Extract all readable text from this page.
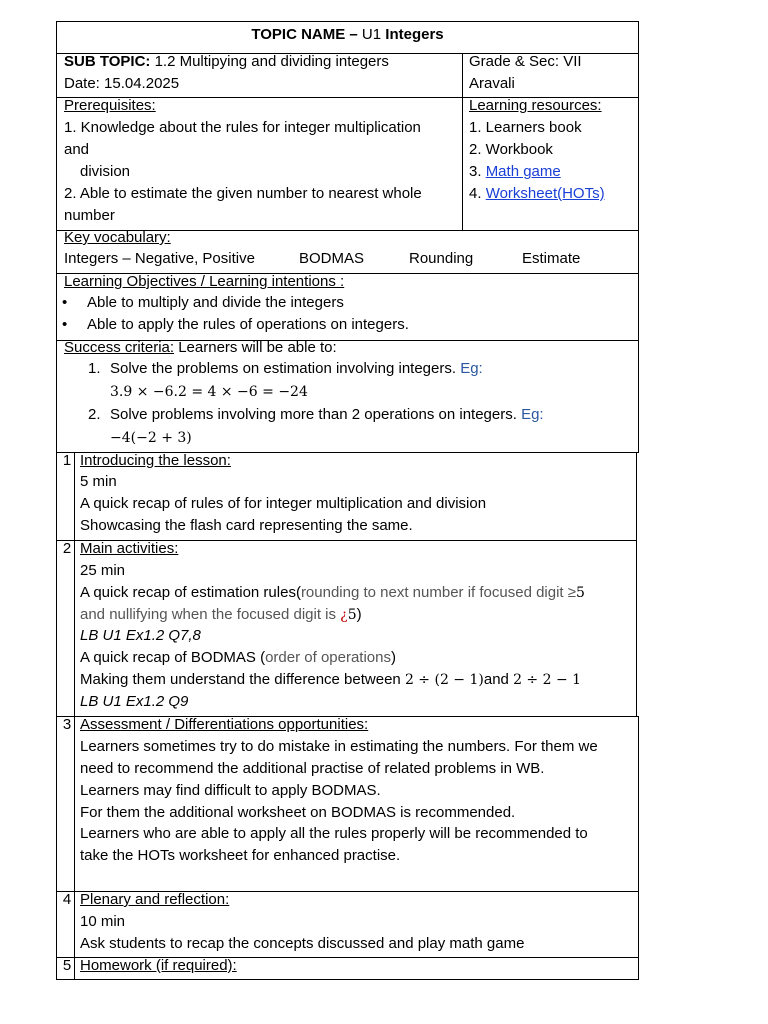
TOPIC NAME – U1 Integers
SUB TOPIC: 1.2 Multipying and dividing integers
Date: 15.04.2025
Grade & Sec: VII
Aravali
Prerequisites:
1. Knowledge about the rules for integer multiplication
and
division
2. Able to estimate the given number to nearest whole
number
Learning resources:
1. Learners book
2. Workbook
3. Math game
4. Worksheet(HOTs)
Key vocabulary:
Integers – Negative, Positive	BODMAS	Rounding	Estimate
Learning Objectives / Learning intentions :
• Able to multiply and divide the integers
• Able to apply the rules of operations on integers.
Success criteria: Learners will be able to:
1. Solve the problems on estimation involving integers. Eg:
3.9 × −6.2 = 4 × −6 = −24
2. Solve problems involving more than 2 operations on integers. Eg:
−4(−2 + 3)
1 Introducing the lesson:
5 min
A quick recap of rules of for integer multiplication and division
Showcasing the flash card representing the same.
2 Main activities:
25 min
A quick recap of estimation rules(rounding to next number if focused digit ≥5
and nullifying when the focused digit is ¿5)
LB U1 Ex1.2 Q7,8
A quick recap of BODMAS (order of operations)
Making them understand the difference between 2 ÷ (2 − 1)and 2 ÷ 2 − 1
LB U1 Ex1.2 Q9
3 Assessment / Differentiations opportunities:
Learners sometimes try to do mistake in estimating the numbers. For them we
need to recommend the additional practise of related problems in WB.
Learners may find difficult to apply BODMAS.
For them the additional worksheet on BODMAS is recommended.
Learners who are able to apply all the rules properly will be recommended to
take the HOTs worksheet for enhanced practise.
4 Plenary and reflection:
10 min
Ask students to recap the concepts discussed and play math game
5 Homework (if required):
